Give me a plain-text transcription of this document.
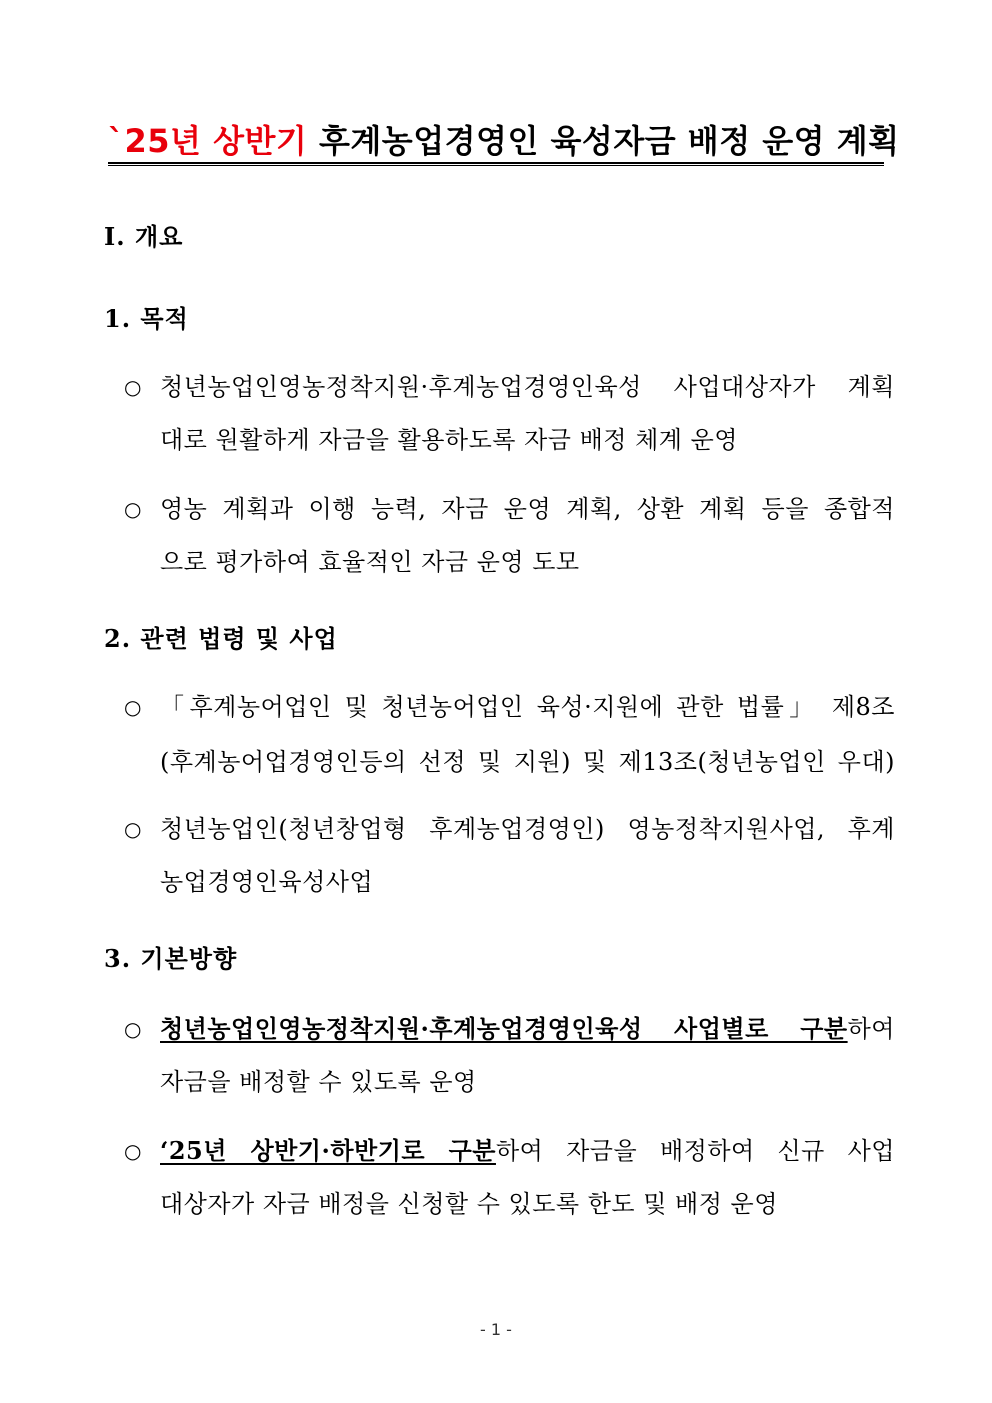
`25년 상반기 후계농업경영인 육성자금 배정 운영 계획
Ⅰ. 개요
1. 목적
○ 청년농업인영농정착지원·후계농업경영인육성 사업대상자가 계획
대로 원활하게 자금을 활용하도록 자금 배정 체계 운영
○ 영농 계획과 이행 능력, 자금 운영 계획, 상환 계획 등을 종합적
으로 평가하여 효율적인 자금 운영 도모
2. 관련 법령 및 사업
○ 「후계농어업인 및 청년농어업인 육성·지원에 관한 법률」 제8조
(후계농어업경영인등의 선정 및 지원) 및 제13조(청년농업인 우대)
○ 청년농업인(청년창업형 후계농업경영인) 영농정착지원사업, 후계
농업경영인육성사업
3. 기본방향
○ 청년농업인영농정착지원·후계농업경영인육성 사업별로 구분하여
자금을 배정할 수 있도록 운영
○ ‘25년 상반기·하반기로 구분하여 자금을 배정하여 신규 사업
대상자가 자금 배정을 신청할 수 있도록 한도 및 배정 운영
- 1 -
